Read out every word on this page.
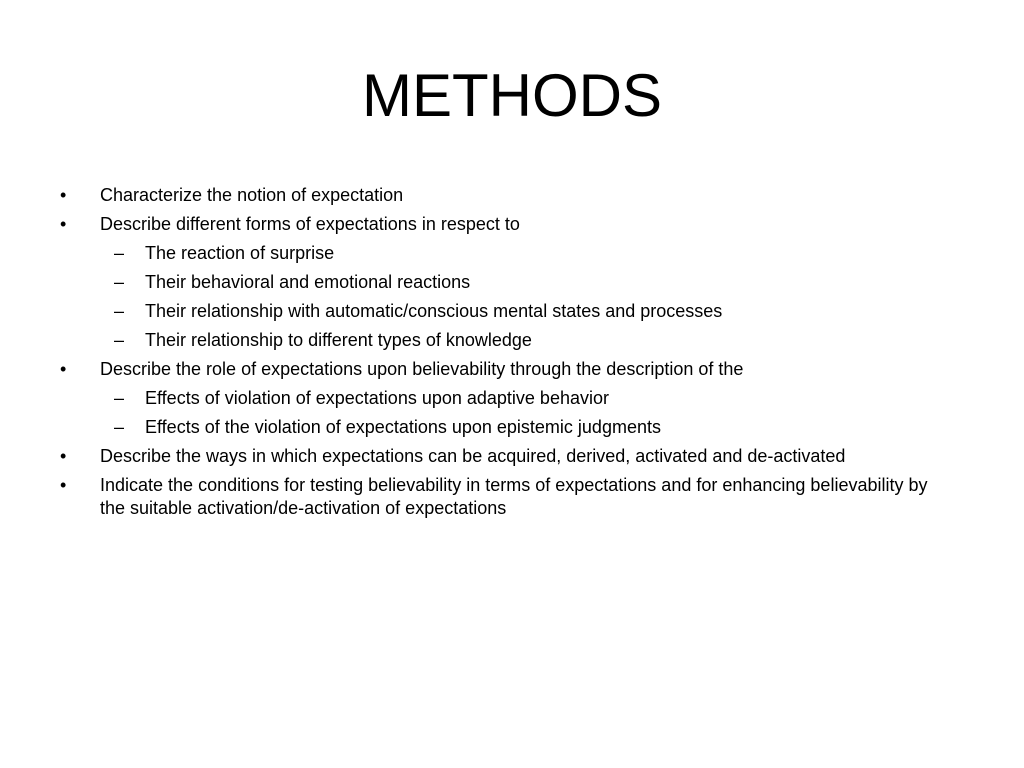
METHODS
• Characterize the notion of expectation
• Describe different forms of expectations in respect to
– The reaction of surprise
– Their behavioral and emotional reactions
– Their relationship with automatic/conscious mental states and processes
– Their relationship to different types of knowledge
• Describe the role of expectations upon believability through the description of the
– Effects of violation of expectations upon adaptive behavior
– Effects of the violation of expectations upon epistemic judgments
• Describe the ways in which expectations can be acquired, derived, activated and de-activated
• Indicate the conditions for testing believability in terms of expectations and for enhancing believability by the suitable activation/de-activation of expectations
